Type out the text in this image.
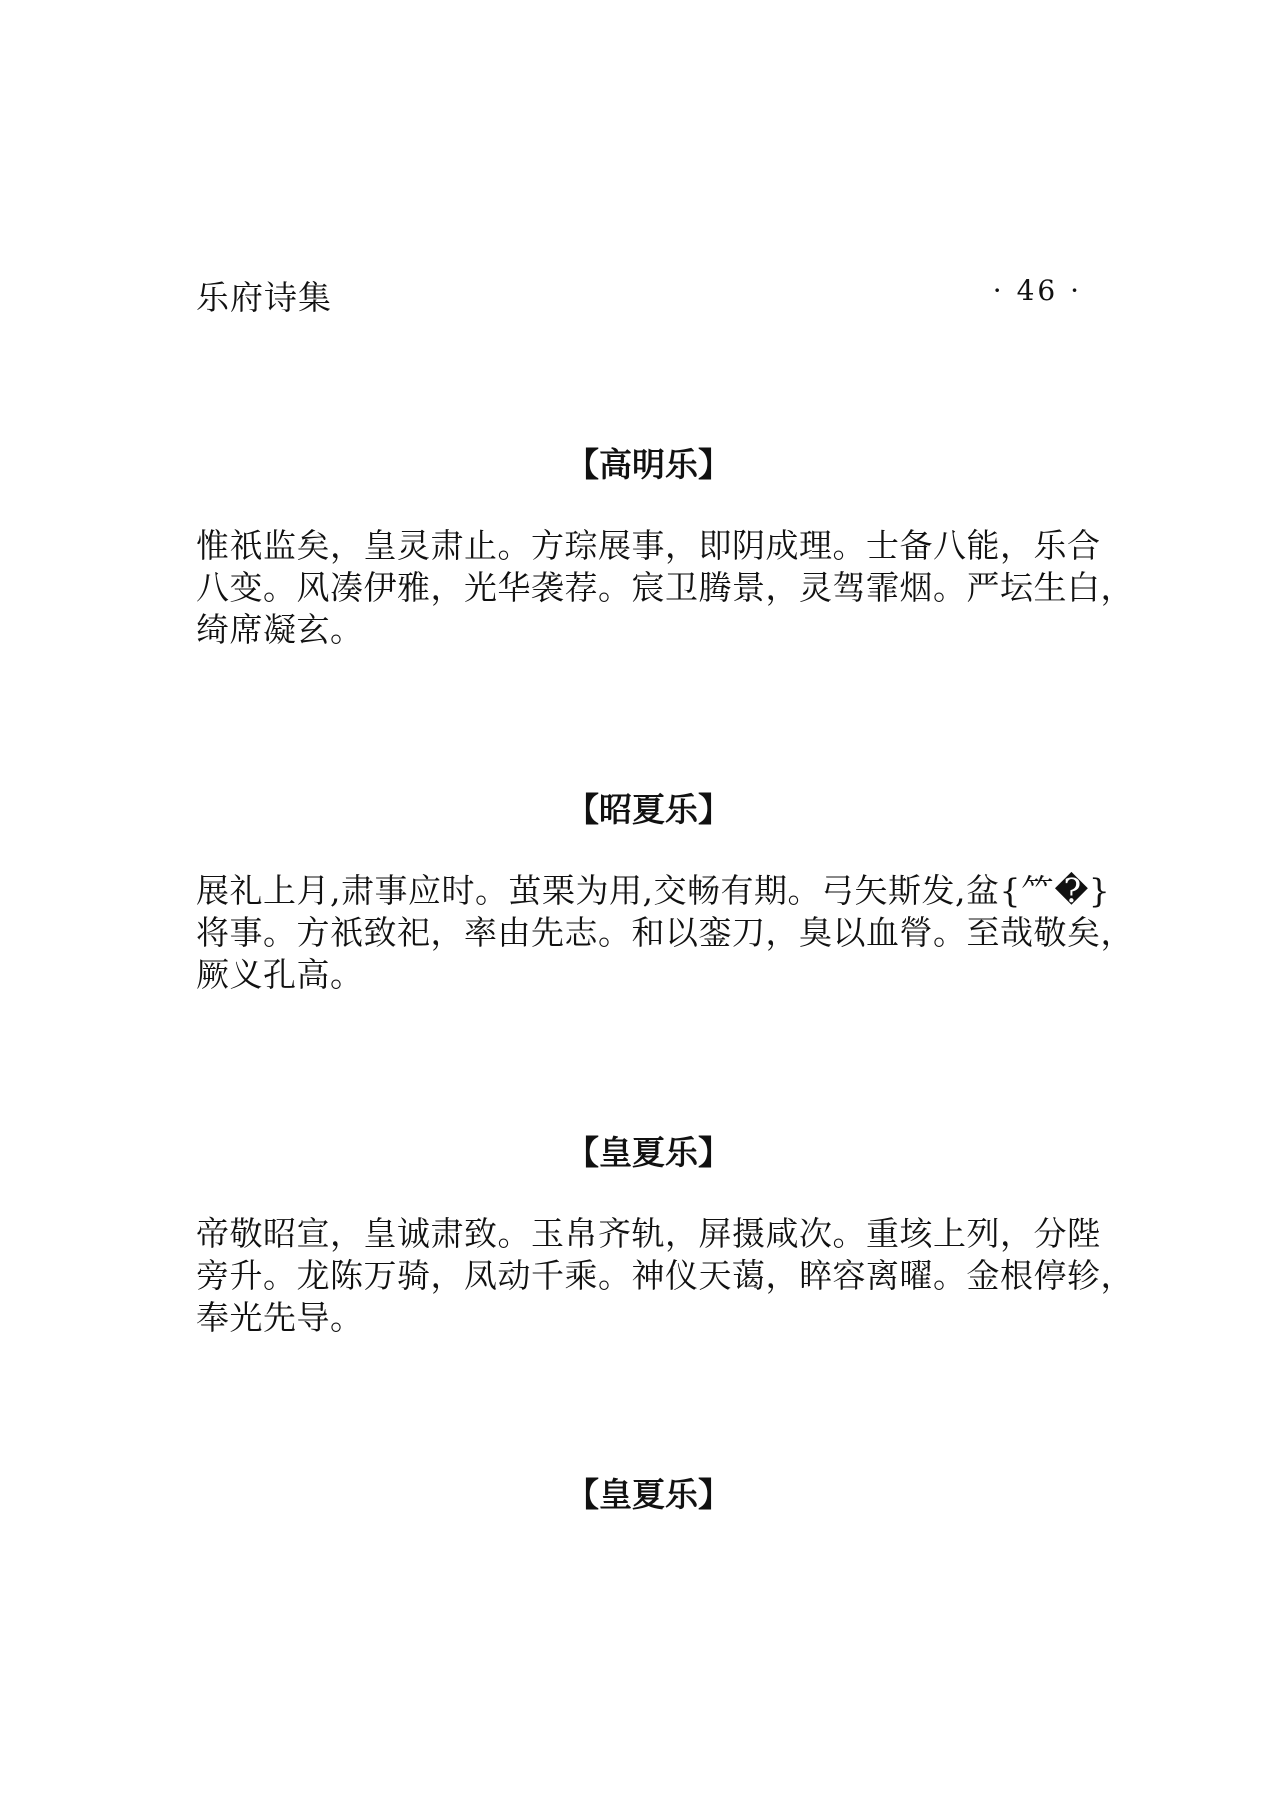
乐府诗集	· 46 ·
【高明乐】
惟祇监矣，皇灵肃止。方琮展事，即阴成理。士备八能，乐合
八变。风凑伊雅，光华袭荐。宸卫腾景，灵驾霏烟。严坛生白，
绮席凝玄。
【昭夏乐】
展礼上月,肃事应时。茧栗为用,交畅有期。弓矢斯发,盆{⺮�}
将事。方祇致祀，率由先志。和以銮刀，臭以血膋。至哉敬矣，
厥义孔高。
【皇夏乐】
帝敬昭宣，皇诚肃致。玉帛齐轨，屏摄咸次。重垓上列，分陛
旁升。龙陈万骑，凤动千乘。神仪天蔼，睟容离曜。金根停轸，
奉光先导。
【皇夏乐】
